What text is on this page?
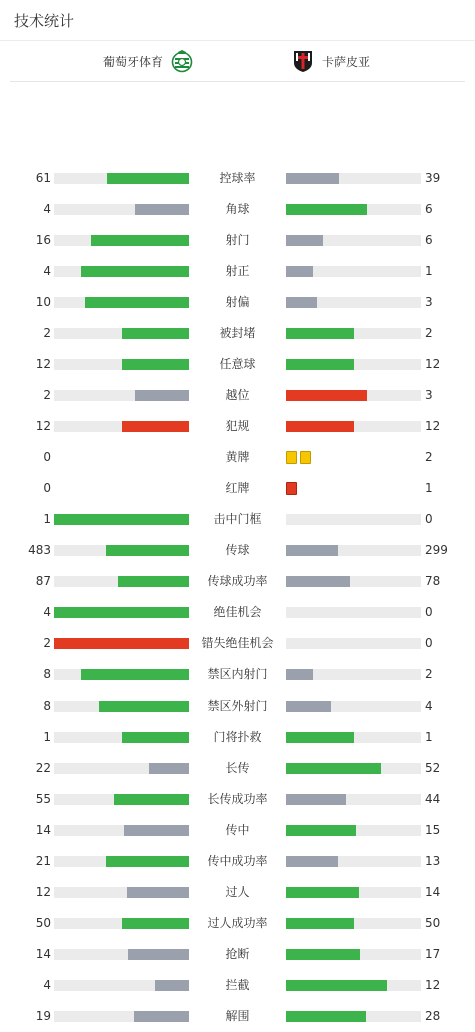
技术统计
葡萄牙体育	卡萨皮亚
61	控球率	39
4	角球	6
16	射门	6
4	射正	1
10	射偏	3
2	被封堵	2
12	任意球	12
2	越位	3
12	犯规	12
0	黄牌	2
0	红牌	1
1	击中门框	0
483	传球	299
87	传球成功率	78
4	绝佳机会	0
2	错失绝佳机会	0
8	禁区内射门	2
8	禁区外射门	4
1	门将扑救	1
22	长传	52
55	长传成功率	44
14	传中	15
21	传中成功率	13
12	过人	14
50	过人成功率	50
14	抢断	17
4	拦截	12
19	解围	28
